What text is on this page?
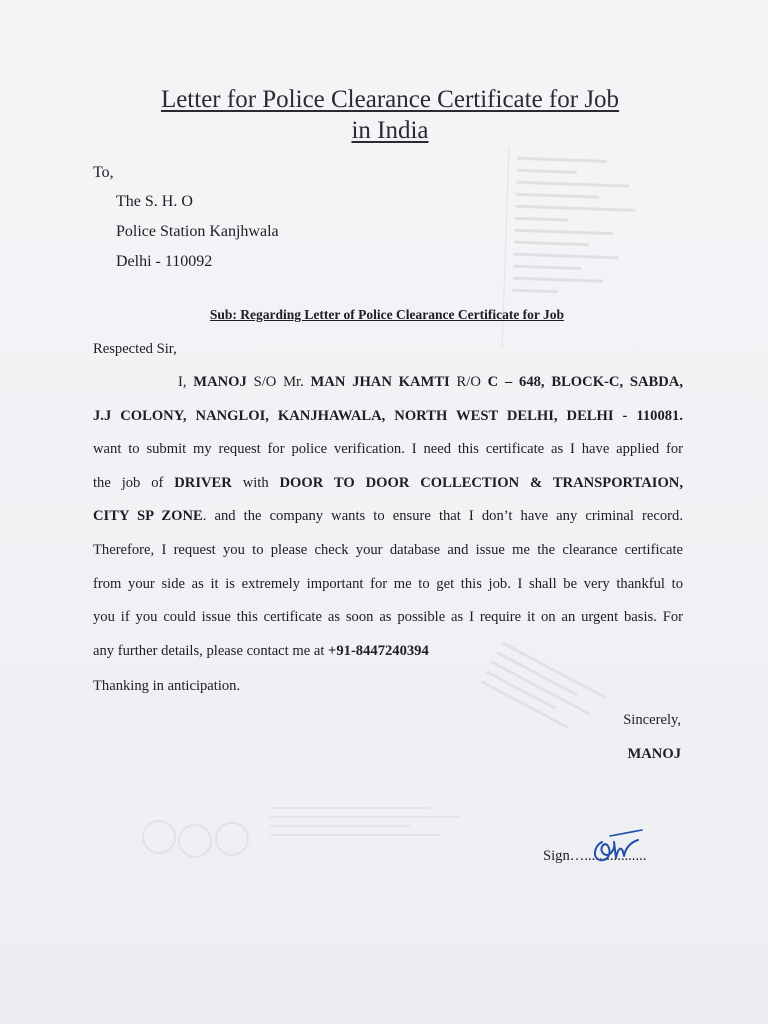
Letter for Police Clearance Certificate for Job
in India
To,
The S. H. O
Police Station Kanjhwala
Delhi - 110092
Sub: Regarding Letter of Police Clearance Certificate for Job
Respected Sir,
I, MANOJ S/O Mr. MAN JHAN KAMTI R/O C – 648, BLOCK-C, SABDA,
J.J COLONY, NANGLOI, KANJHAWALA, NORTH WEST DELHI, DELHI - 110081.
want to submit my request for police verification. I need this certificate as I have applied for
the job of DRIVER with DOOR TO DOOR COLLECTION & TRANSPORTAION,
CITY SP ZONE. and the company wants to ensure that I don’t have any criminal record.
Therefore, I request you to please check your database and issue me the clearance certificate
from your side as it is extremely important for me to get this job. I shall be very thankful to
you if you could issue this certificate as soon as possible as I require it on an urgent basis. For
any further details, please contact me at +91-8447240394
Thanking in anticipation.
Sincerely,
MANOJ
Sign….................
